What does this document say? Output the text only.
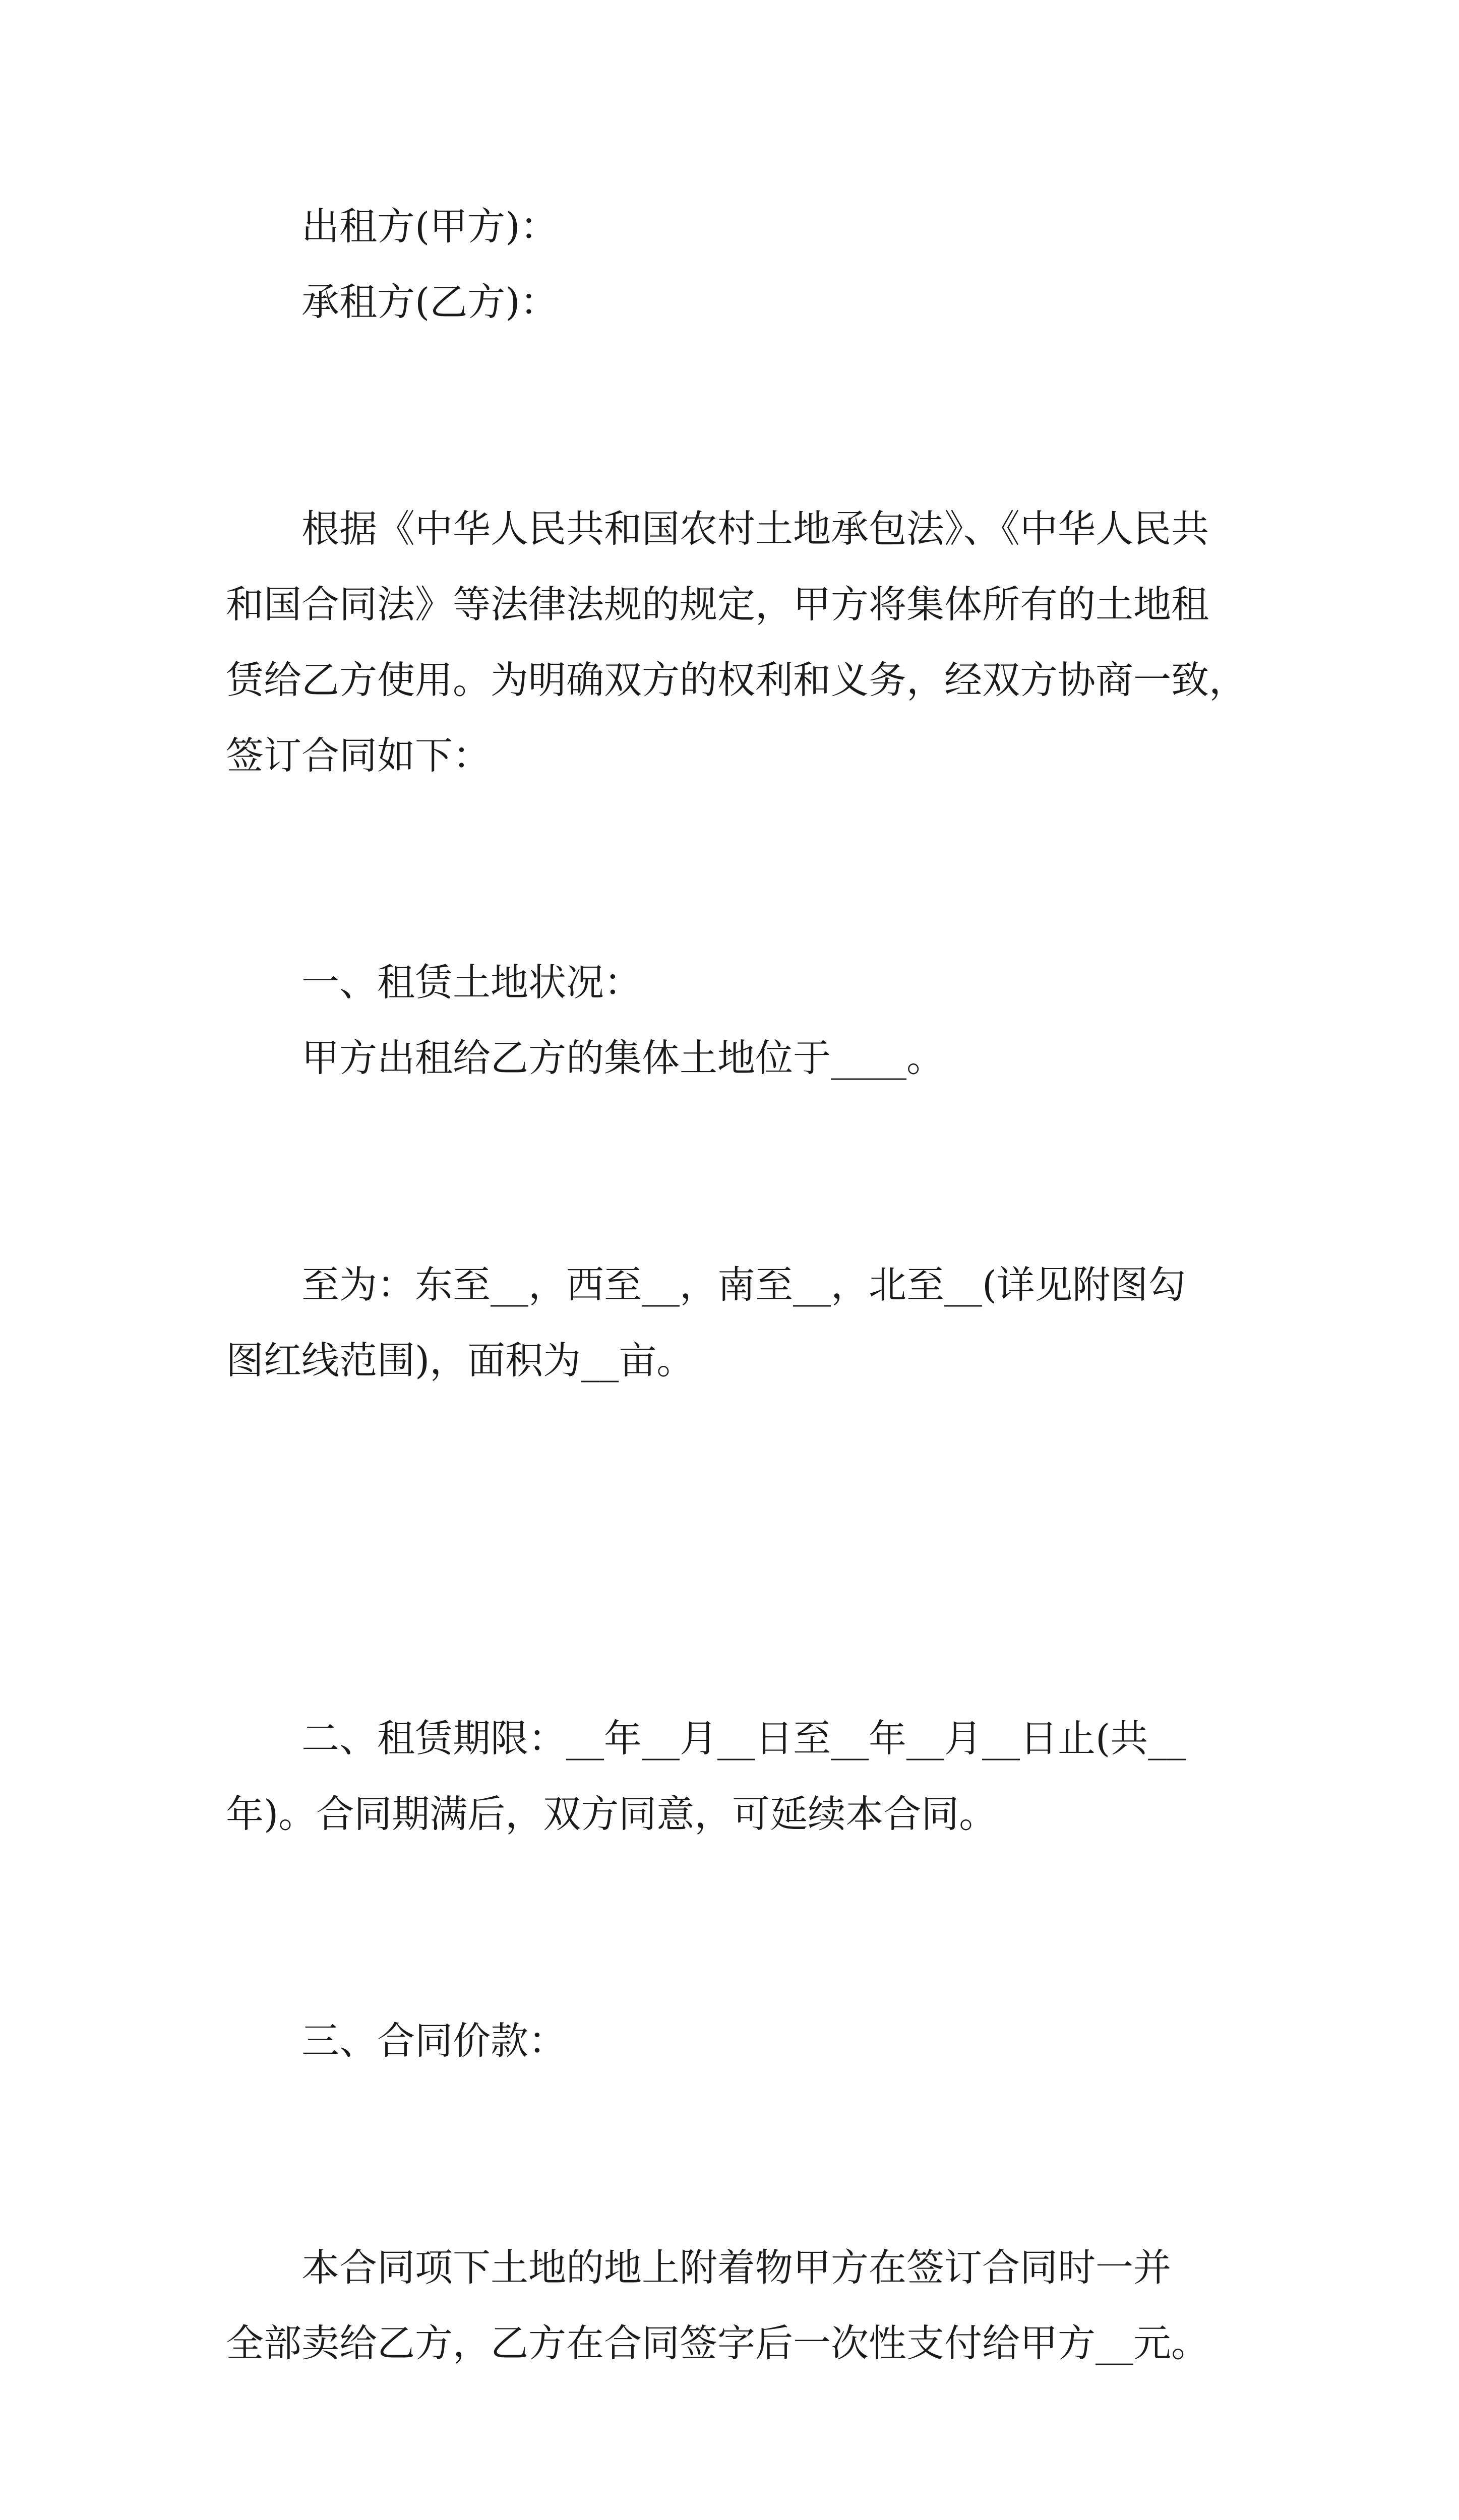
出租方(甲方)：

承租方(乙方)：

根据《中华人民共和国农村土地承包法》、《中华人民共
和国合同法》等法律法规的规定，甲方将集体所有的土地租
赁给乙方使用。为明确双方的权利和义务，经双方协商一致，
签订合同如下：

一、租赁土地状况：

甲方出租给乙方的集体土地位于____。

至为：东至__，西至__，南至__，北至__(详见附图勾
图红线范围)，面积为__亩。

二、租赁期限：__年__月__日至__年__月__日止(共__
年)。合同期满后，双方同意，可延续本合同。

三、合同价款：

本合同项下土地的地上附着物甲方在签订合同时一并
全部卖给乙方，乙方在合同签字后一次性支付给甲方__元。
